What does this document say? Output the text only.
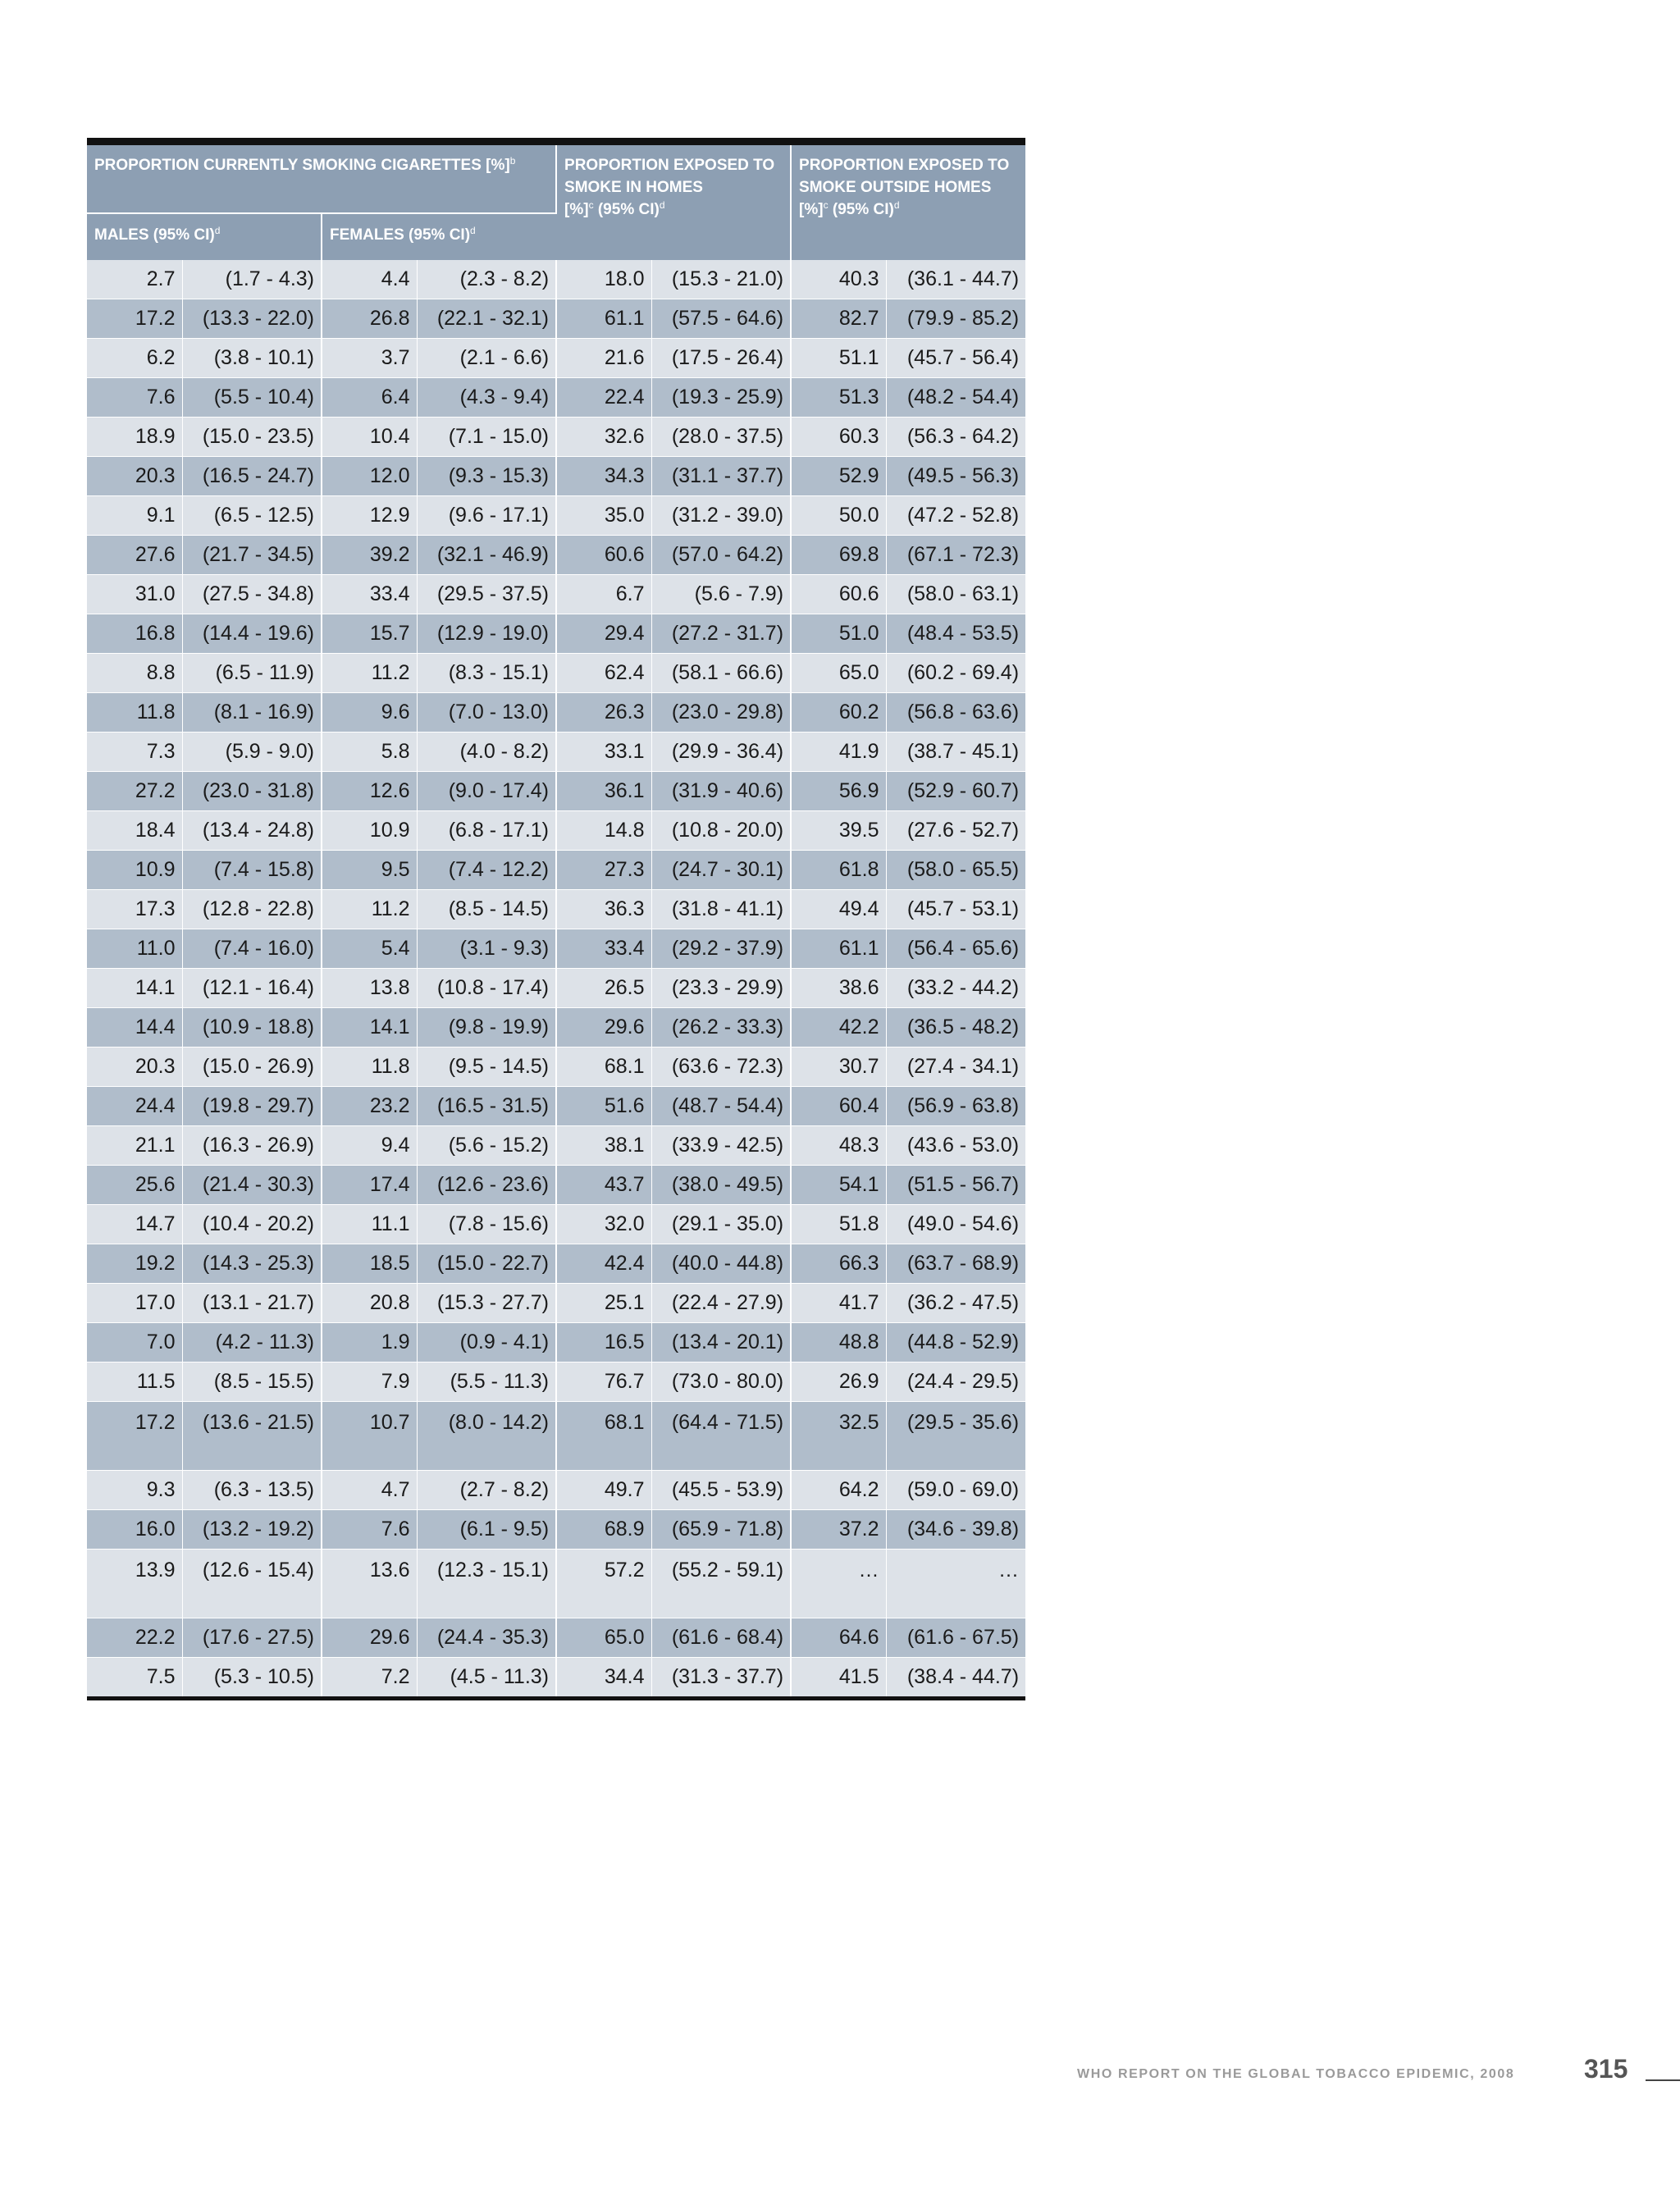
PROPORTION CURRENTLY SMOKING CIGARETTES [%]$^b$				PROPORTION EXPOSED TO
SMOKE IN HOMES
[%]$^c$ (95% CI)$^d$		PROPORTION EXPOSED TO
SMOKE OUTSIDE HOMES
[%]$^c$ (95% CI)$^d$
MALES (95% CI)$^d$		FEMALES (95% CI)$^d$
2.7	(1.7 - 4.3)	4.4	(2.3 - 8.2)	18.0	(15.3 - 21.0)	40.3	(36.1 - 44.7)
17.2	(13.3 - 22.0)	26.8	(22.1 - 32.1)	61.1	(57.5 - 64.6)	82.7	(79.9 - 85.2)
6.2	(3.8 - 10.1)	3.7	(2.1 - 6.6)	21.6	(17.5 - 26.4)	51.1	(45.7 - 56.4)
7.6	(5.5 - 10.4)	6.4	(4.3 - 9.4)	22.4	(19.3 - 25.9)	51.3	(48.2 - 54.4)
18.9	(15.0 - 23.5)	10.4	(7.1 - 15.0)	32.6	(28.0 - 37.5)	60.3	(56.3 - 64.2)
20.3	(16.5 - 24.7)	12.0	(9.3 - 15.3)	34.3	(31.1 - 37.7)	52.9	(49.5 - 56.3)
9.1	(6.5 - 12.5)	12.9	(9.6 - 17.1)	35.0	(31.2 - 39.0)	50.0	(47.2 - 52.8)
27.6	(21.7 - 34.5)	39.2	(32.1 - 46.9)	60.6	(57.0 - 64.2)	69.8	(67.1 - 72.3)
31.0	(27.5 - 34.8)	33.4	(29.5 - 37.5)	6.7	(5.6 - 7.9)	60.6	(58.0 - 63.1)
16.8	(14.4 - 19.6)	15.7	(12.9 - 19.0)	29.4	(27.2 - 31.7)	51.0	(48.4 - 53.5)
8.8	(6.5 - 11.9)	11.2	(8.3 - 15.1)	62.4	(58.1 - 66.6)	65.0	(60.2 - 69.4)
11.8	(8.1 - 16.9)	9.6	(7.0 - 13.0)	26.3	(23.0 - 29.8)	60.2	(56.8 - 63.6)
7.3	(5.9 - 9.0)	5.8	(4.0 - 8.2)	33.1	(29.9 - 36.4)	41.9	(38.7 - 45.1)
27.2	(23.0 - 31.8)	12.6	(9.0 - 17.4)	36.1	(31.9 - 40.6)	56.9	(52.9 - 60.7)
18.4	(13.4 - 24.8)	10.9	(6.8 - 17.1)	14.8	(10.8 - 20.0)	39.5	(27.6 - 52.7)
10.9	(7.4 - 15.8)	9.5	(7.4 - 12.2)	27.3	(24.7 - 30.1)	61.8	(58.0 - 65.5)
17.3	(12.8 - 22.8)	11.2	(8.5 - 14.5)	36.3	(31.8 - 41.1)	49.4	(45.7 - 53.1)
11.0	(7.4 - 16.0)	5.4	(3.1 - 9.3)	33.4	(29.2 - 37.9)	61.1	(56.4 - 65.6)
14.1	(12.1 - 16.4)	13.8	(10.8 - 17.4)	26.5	(23.3 - 29.9)	38.6	(33.2 - 44.2)
14.4	(10.9 - 18.8)	14.1	(9.8 - 19.9)	29.6	(26.2 - 33.3)	42.2	(36.5 - 48.2)
20.3	(15.0 - 26.9)	11.8	(9.5 - 14.5)	68.1	(63.6 - 72.3)	30.7	(27.4 - 34.1)
24.4	(19.8 - 29.7)	23.2	(16.5 - 31.5)	51.6	(48.7 - 54.4)	60.4	(56.9 - 63.8)
21.1	(16.3 - 26.9)	9.4	(5.6 - 15.2)	38.1	(33.9 - 42.5)	48.3	(43.6 - 53.0)
25.6	(21.4 - 30.3)	17.4	(12.6 - 23.6)	43.7	(38.0 - 49.5)	54.1	(51.5 - 56.7)
14.7	(10.4 - 20.2)	11.1	(7.8 - 15.6)	32.0	(29.1 - 35.0)	51.8	(49.0 - 54.6)
19.2	(14.3 - 25.3)	18.5	(15.0 - 22.7)	42.4	(40.0 - 44.8)	66.3	(63.7 - 68.9)
17.0	(13.1 - 21.7)	20.8	(15.3 - 27.7)	25.1	(22.4 - 27.9)	41.7	(36.2 - 47.5)
7.0	(4.2 - 11.3)	1.9	(0.9 - 4.1)	16.5	(13.4 - 20.1)	48.8	(44.8 - 52.9)
11.5	(8.5 - 15.5)	7.9	(5.5 - 11.3)	76.7	(73.0 - 80.0)	26.9	(24.4 - 29.5)
17.2	(13.6 - 21.5)	10.7	(8.0 - 14.2)	68.1	(64.4 - 71.5)	32.5	(29.5 - 35.6)
9.3	(6.3 - 13.5)	4.7	(2.7 - 8.2)	49.7	(45.5 - 53.9)	64.2	(59.0 - 69.0)
16.0	(13.2 - 19.2)	7.6	(6.1 - 9.5)	68.9	(65.9 - 71.8)	37.2	(34.6 - 39.8)
13.9	(12.6 - 15.4)	13.6	(12.3 - 15.1)	57.2	(55.2 - 59.1)	…	…
22.2	(17.6 - 27.5)	29.6	(24.4 - 35.3)	65.0	(61.6 - 68.4)	64.6	(61.6 - 67.5)
7.5	(5.3 - 10.5)	7.2	(4.5 - 11.3)	34.4	(31.3 - 37.7)	41.5	(38.4 - 44.7)
WHO REPORT ON THE GLOBAL TOBACCO EPIDEMIC, 2008	315
